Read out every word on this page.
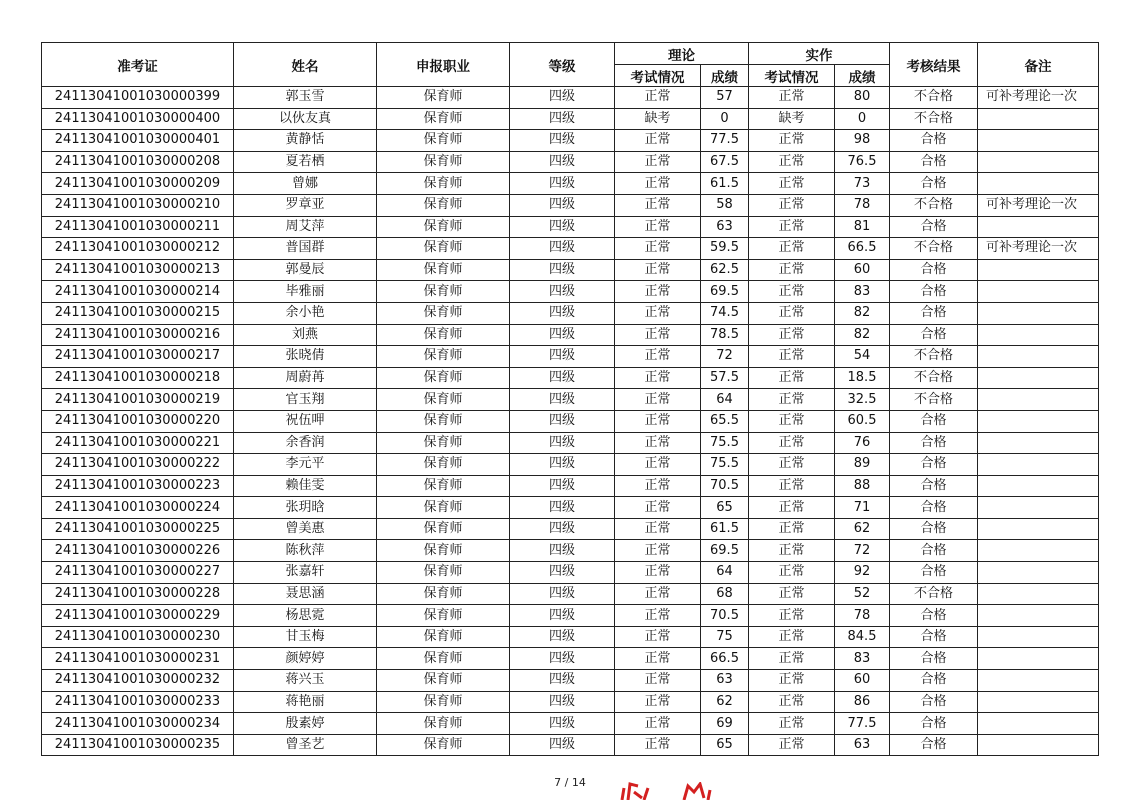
准考证	姓名	申报职业	等级	理论		实作		考核结果	备注
				考试情况	成绩	考试情况	成绩		
24113041001030000399	郭玉雪	保育师	四级	正常	57	正常	80	不合格	可补考理论一次
24113041001030000400	以伙友真	保育师	四级	缺考	0	缺考	0	不合格	
24113041001030000401	黄静恬	保育师	四级	正常	77.5	正常	98	合格	
24113041001030000208	夏若栖	保育师	四级	正常	67.5	正常	76.5	合格	
24113041001030000209	曾娜	保育师	四级	正常	61.5	正常	73	合格	
24113041001030000210	罗章亚	保育师	四级	正常	58	正常	78	不合格	可补考理论一次
24113041001030000211	周艾萍	保育师	四级	正常	63	正常	81	合格	
24113041001030000212	普国群	保育师	四级	正常	59.5	正常	66.5	不合格	可补考理论一次
24113041001030000213	郭曼辰	保育师	四级	正常	62.5	正常	60	合格	
24113041001030000214	毕雅丽	保育师	四级	正常	69.5	正常	83	合格	
24113041001030000215	余小艳	保育师	四级	正常	74.5	正常	82	合格	
24113041001030000216	刘燕	保育师	四级	正常	78.5	正常	82	合格	
24113041001030000217	张晓倩	保育师	四级	正常	72	正常	54	不合格	
24113041001030000218	周蔚苒	保育师	四级	正常	57.5	正常	18.5	不合格	
24113041001030000219	官玉翔	保育师	四级	正常	64	正常	32.5	不合格	
24113041001030000220	祝伍呷	保育师	四级	正常	65.5	正常	60.5	合格	
24113041001030000221	余香润	保育师	四级	正常	75.5	正常	76	合格	
24113041001030000222	李元平	保育师	四级	正常	75.5	正常	89	合格	
24113041001030000223	赖佳雯	保育师	四级	正常	70.5	正常	88	合格	
24113041001030000224	张玥晗	保育师	四级	正常	65	正常	71	合格	
24113041001030000225	曾美惠	保育师	四级	正常	61.5	正常	62	合格	
24113041001030000226	陈秋萍	保育师	四级	正常	69.5	正常	72	合格	
24113041001030000227	张嘉轩	保育师	四级	正常	64	正常	92	合格	
24113041001030000228	聂思涵	保育师	四级	正常	68	正常	52	不合格	
24113041001030000229	杨思霓	保育师	四级	正常	70.5	正常	78	合格	
24113041001030000230	甘玉梅	保育师	四级	正常	75	正常	84.5	合格	
24113041001030000231	颜婷婷	保育师	四级	正常	66.5	正常	83	合格	
24113041001030000232	蒋兴玉	保育师	四级	正常	63	正常	60	合格	
24113041001030000233	蒋艳丽	保育师	四级	正常	62	正常	86	合格	
24113041001030000234	殷素婷	保育师	四级	正常	69	正常	77.5	合格	
24113041001030000235	曾圣艺	保育师	四级	正常	65	正常	63	合格	
7 / 14
